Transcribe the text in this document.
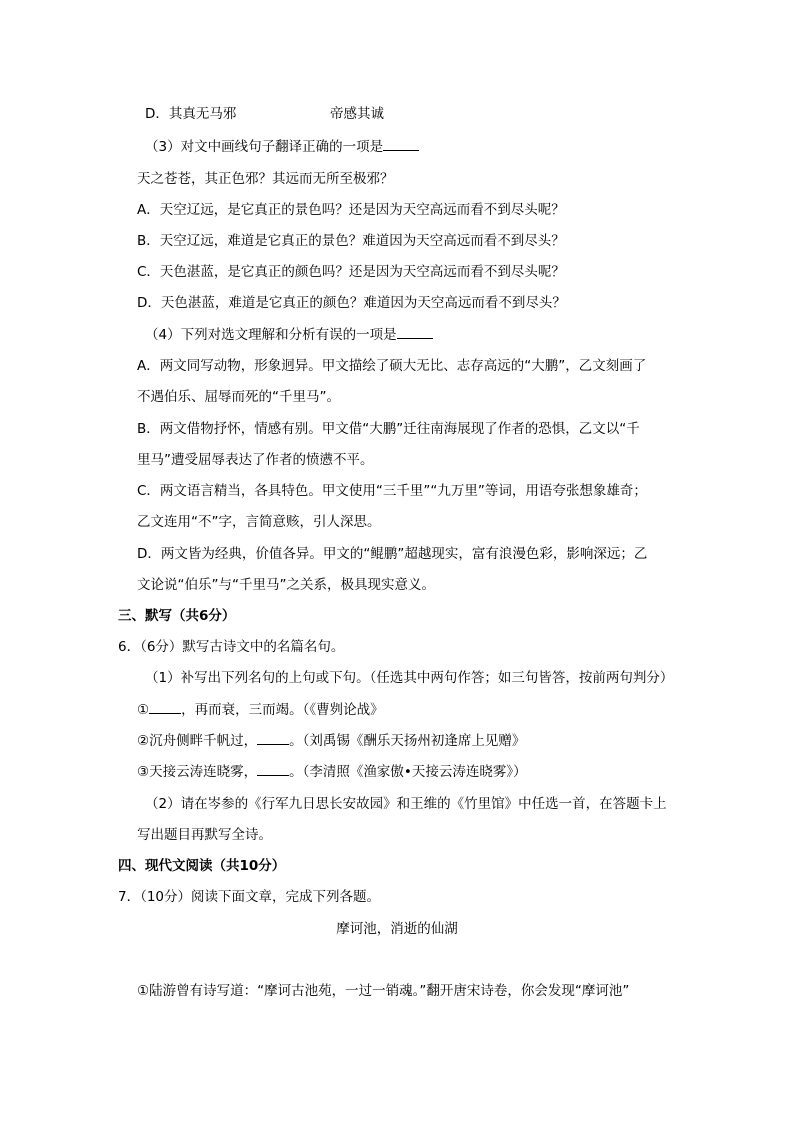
D．其真无马邪	帝感其诚
（3）对文中画线句子翻译正确的一项是
天之苍苍，其正色邪？其远而无所至极邪？
A．天空辽远，是它真正的景色吗？还是因为天空高远而看不到尽头呢？
B．天空辽远，难道是它真正的景色？难道因为天空高远而看不到尽头？
C．天色湛蓝，是它真正的颜色吗？还是因为天空高远而看不到尽头呢？
D．天色湛蓝，难道是它真正的颜色？难道因为天空高远而看不到尽头？
（4）下列对选文理解和分析有误的一项是
A．两文同写动物，形象迥异。甲文描绘了硕大无比、志存高远的“大鹏”，乙文刻画了
不遇伯乐、屈辱而死的“千里马”。
B．两文借物抒怀，情感有别。甲文借“大鹏”迁往南海展现了作者的恐惧，乙文以“千
里马”遭受屈辱表达了作者的愤懑不平。
C．两文语言精当，各具特色。甲文使用“三千里”“九万里”等词，用语夸张想象雄奇；
乙文连用“不”字，言简意赅，引人深思。
D．两文皆为经典，价值各异。甲文的“鲲鹏”超越现实，富有浪漫色彩，影响深远；乙
文论说“伯乐”与“千里马”之关系，极具现实意义。
三、默写（共6分）
6．（6分）默写古诗文中的名篇名句。
（1）补写出下列名句的上句或下句。（任选其中两句作答；如三句皆答，按前两句判分）
① ，再而衰，三而竭。（《曹刿论战》
②沉舟侧畔千帆过， 。（刘禹锡《酬乐天扬州初逢席上见赠》
③天接云涛连晓雾， 。（李清照《渔家傲•天接云涛连晓雾》）
（2）请在岑参的《行军九日思长安故园》和王维的《竹里馆》中任选一首，在答题卡上
写出题目再默写全诗。
四、现代文阅读（共10分）
7．（10分）阅读下面文章，完成下列各题。
摩诃池，消逝的仙湖
①陆游曾有诗写道：“摩诃古池苑，一过一销魂。”翻开唐宋诗卷，你会发现“摩诃池”
